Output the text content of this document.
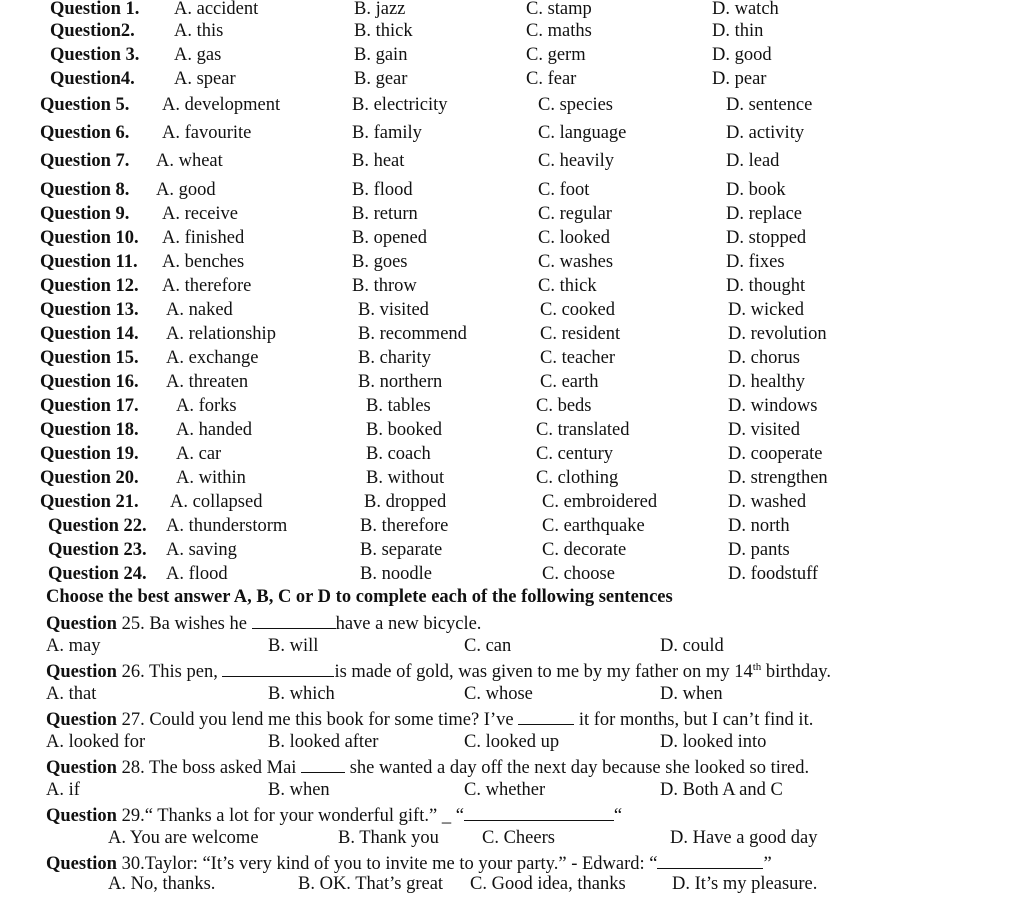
Question 1. A. accident	B. jazz	C. stamp	D. watch
Question2. A. this	B. thick	C. maths	D. thin
Question 3. A. gas	B. gain	C. germ	D. good
Question4. A. spear	B. gear	C. fear	D. pear
Question 5. A. development	B. electricity	C. species	D. sentence
Question 6. A. favourite	B. family	C. language	D. activity
Question 7. A. wheat	B. heat	C. heavily	D. lead
Question 8. A. good	B. flood	C. foot	D. book
Question 9. A. receive	B. return	C. regular	D. replace
Question 10. A. finished	B. opened	C. looked	D. stopped
Question 11. A. benches	B. goes	C. washes	D. fixes
Question 12. A. therefore	B. throw	C. thick	D. thought
Question 13. A. naked	B. visited	C. cooked	D. wicked
Question 14. A. relationship	B. recommend	C. resident	D. revolution
Question 15. A. exchange	B. charity	C. teacher	D. chorus
Question 16. A. threaten	B. northern	C. earth	D. healthy
Question 17. A. forks	B. tables	C. beds	D. windows
Question 18. A. handed	B. booked	C. translated	D. visited
Question 19. A. car	B. coach	C. century	D. cooperate
Question 20. A. within	B. without	C. clothing	D. strengthen
Question 21. A. collapsed	B. dropped	C. embroidered	D. washed
Question 22. A. thunderstorm	B. therefore	C. earthquake	D. north
Question 23. A. saving	B. separate	C. decorate	D. pants
Question 24. A. flood	B. noodle	C. choose	D. foodstuff
Choose the best answer A, B, C or D to complete each of the following sentences
Question 25. Ba wishes he	have a new bicycle.
A. may	B. will	C. can	D. could
Question 26. This pen,	is made of gold, was given to me by my father on my 14th birthday.
A. that	B. which	C. whose	D. when
Question 27. Could you lend me this book for some time? I’ve	it for months, but I can’t find it.
A. looked for	B. looked after	C. looked up	D. looked into
Question 28. The boss asked Mai  she wanted a day off the next day because she looked so tired.
A. if	B. when	C. whether	D. Both A and C
Question 29.“ Thanks a lot for your wonderful gift.” _ “	“
A. You are welcome	B. Thank you C. Cheers	D. Have a good day
Question 30.Taylor: “It’s very kind of you to invite me to your party.” - Edward: “	”
A. No, thanks.	B. OK. That’s great C. Good idea, thanks	D. It’s my pleasure.
